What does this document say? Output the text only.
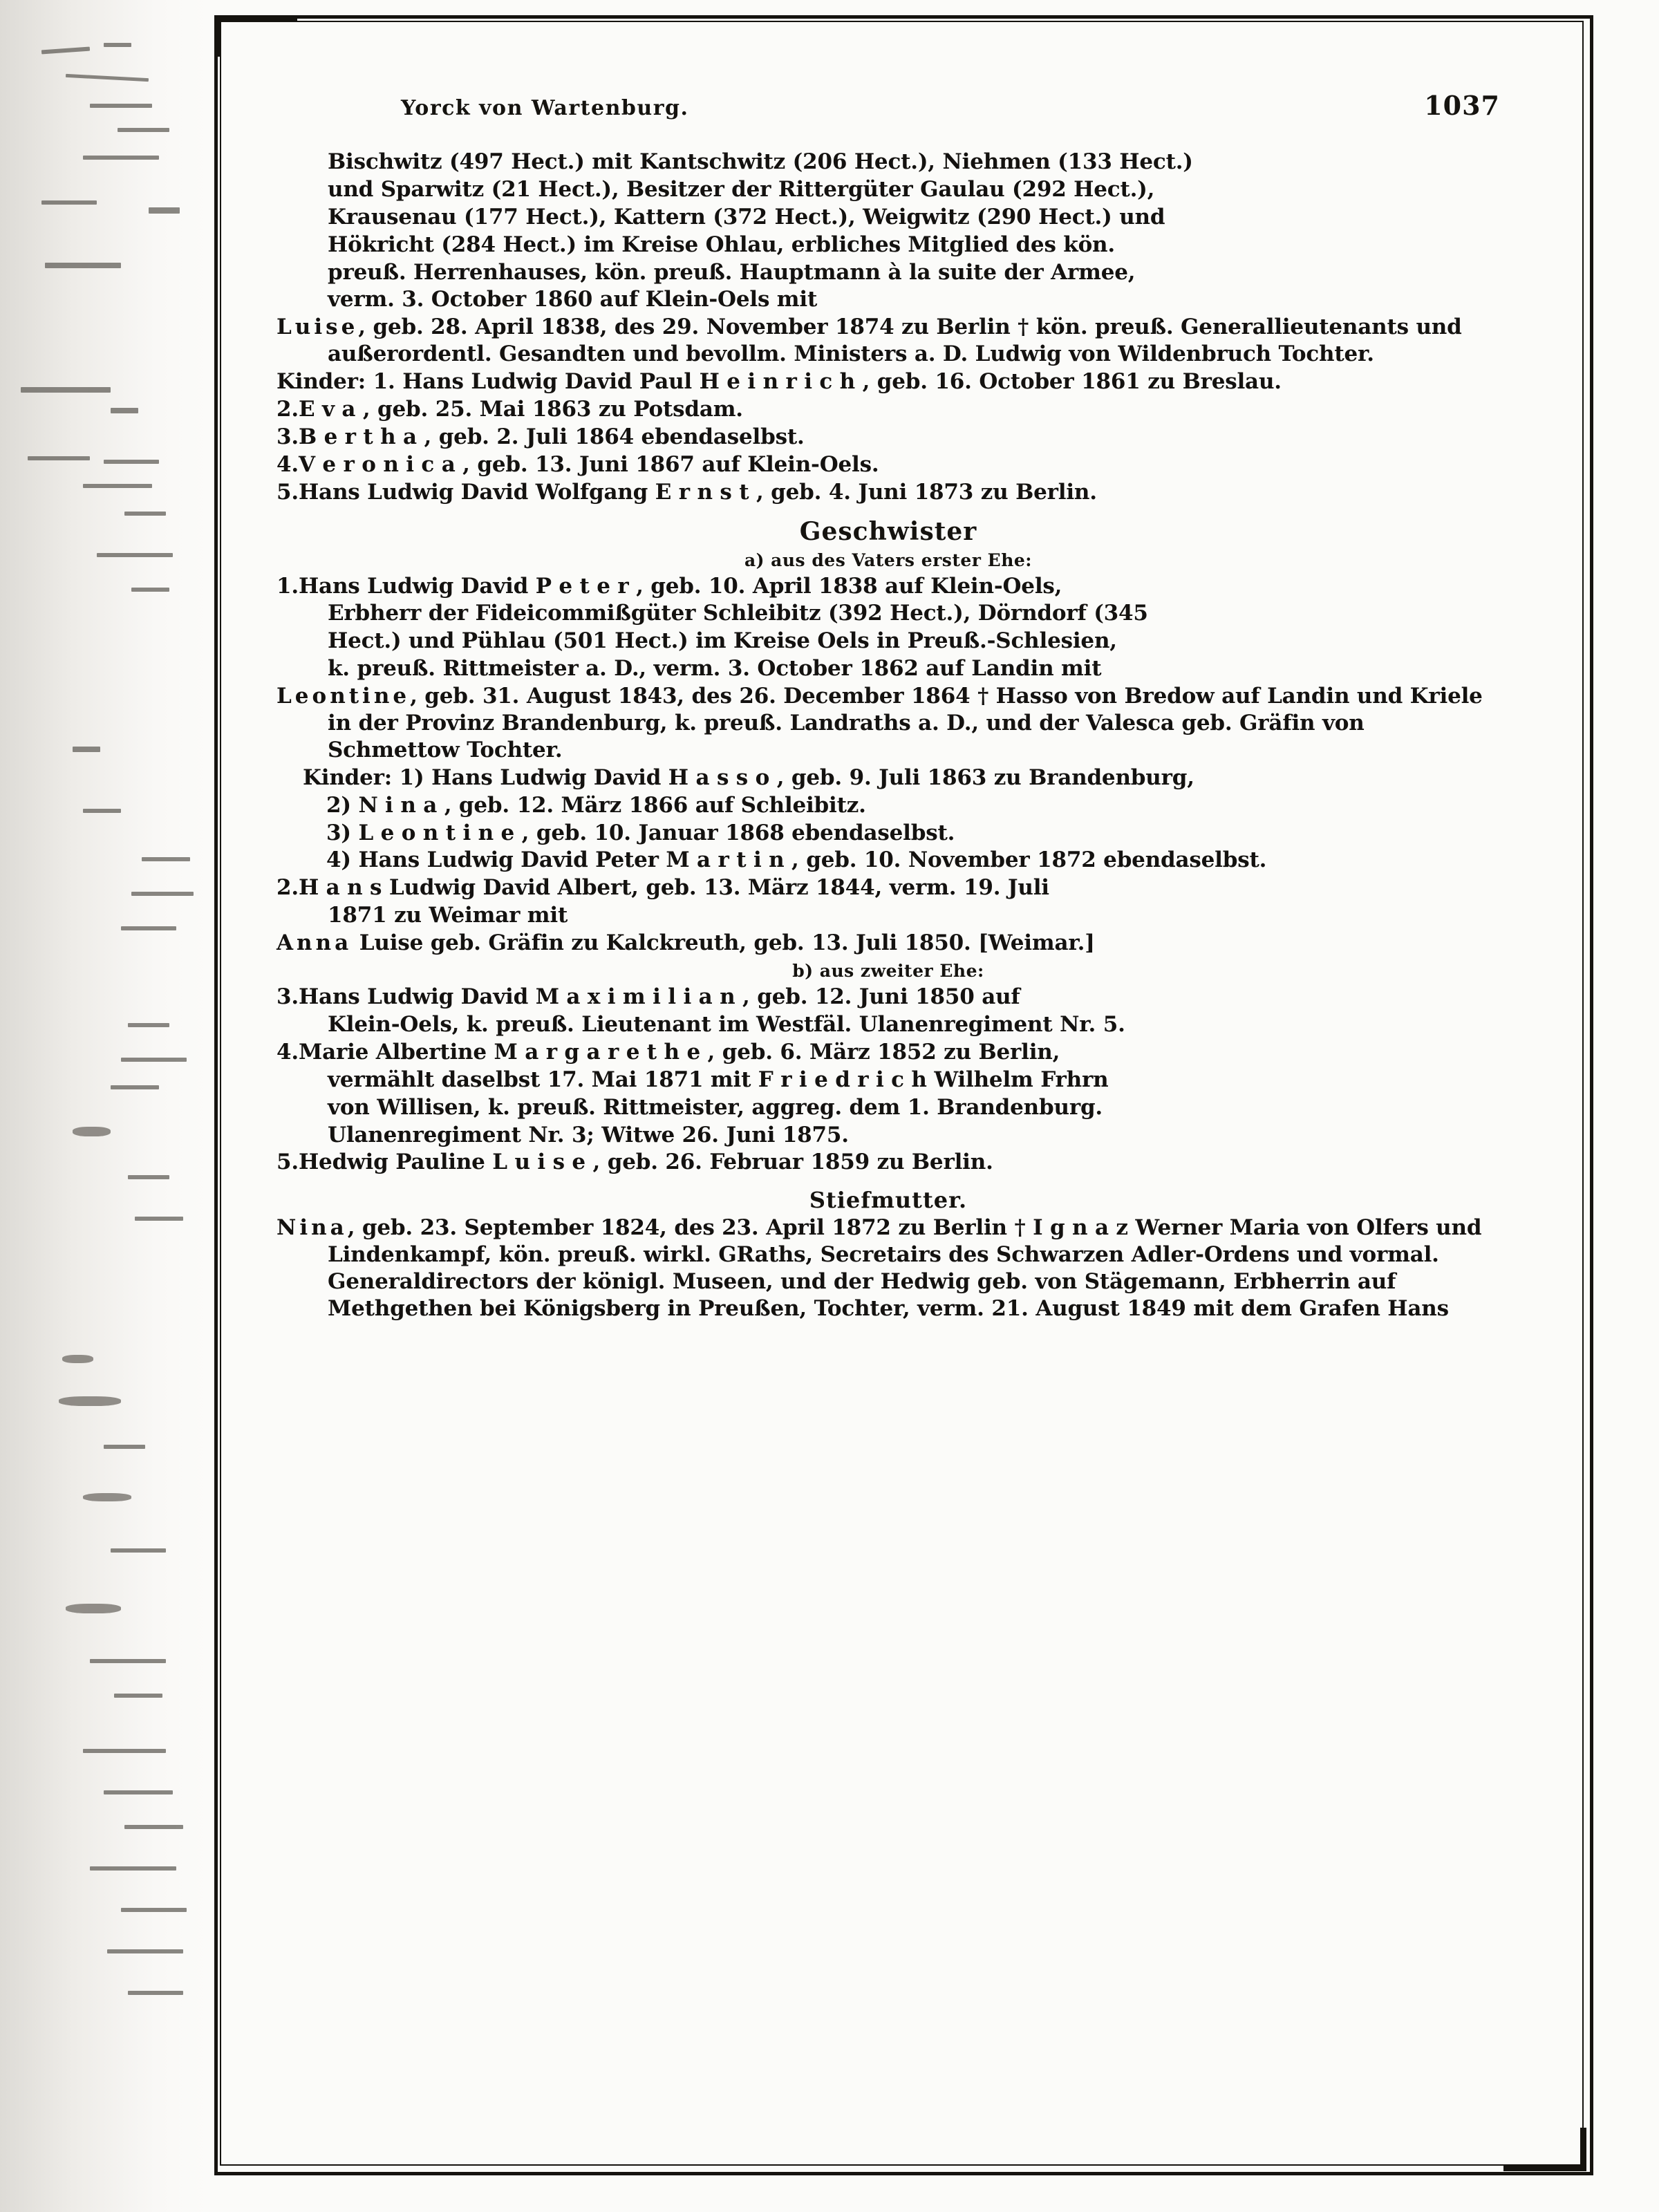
Yorck von Wartenburg.	1037

Bischwitz (497 Hect.) mit Kantschwitz (206 Hect.), Niehmen (133 Hect.)

und Sparwitz (21 Hect.), Besitzer der Rittergüter Gaulau (292 Hect.),

Krausenau (177 Hect.), Kattern (372 Hect.), Weigwitz (290 Hect.) und

Hökricht (284 Hect.) im Kreise Ohlau, erbliches Mitglied des kön.

preuß. Herrenhauses, kön. preuß. Hauptmann à la suite der Armee,

verm. 3. October 1860 auf Klein-Oels mit

Luise, geb. 28. April 1838, des 29. November 1874 zu Berlin † kön. preuß. Generallieutenants und außerordentl. Gesandten und bevollm. Ministers a. D. Ludwig von Wildenbruch Tochter.

Kinder: 1. Hans Ludwig David Paul H e i n r i c h , geb. 16. October 1861 zu Breslau.

2.E v a , geb. 25. Mai 1863 zu Potsdam.

3.B e r t h a , geb. 2. Juli 1864 ebendaselbst.

4.V e r o n i c a , geb. 13. Juni 1867 auf Klein-Oels.

5.Hans Ludwig David Wolfgang E r n s t , geb. 4. Juni 1873 zu Berlin.

Geschwister
a) aus des Vaters erster Ehe:

1.Hans Ludwig David P e t e r , geb. 10. April 1838 auf Klein-Oels,

Erbherr der Fideicommißgüter Schleibitz (392 Hect.), Dörndorf (345

Hect.) und Pühlau (501 Hect.) im Kreise Oels in Preuß.-Schlesien,

k. preuß. Rittmeister a. D., verm. 3. October 1862 auf Landin mit

Leontine, geb. 31. August 1843, des 26. December 1864 † Hasso von Bredow auf Landin und Kriele in der Provinz Brandenburg, k. preuß. Landraths a. D., und der Valesca geb. Gräfin von Schmettow Tochter.

Kinder: 1) Hans Ludwig David H a s s o , geb. 9. Juli 1863 zu Brandenburg,

2) N i n a , geb. 12. März 1866 auf Schleibitz.

3) L e o n t i n e , geb. 10. Januar 1868 ebendaselbst.

4) Hans Ludwig David Peter M a r t i n , geb. 10. November 1872 ebendaselbst.

2.H a n s Ludwig David Albert, geb. 13. März 1844, verm. 19. Juli

1871 zu Weimar mit

Anna Luise geb. Gräfin zu Kalckreuth, geb. 13. Juli 1850. [Weimar.]

b) aus zweiter Ehe:

3.Hans Ludwig David M a x i m i l i a n , geb. 12. Juni 1850 auf

Klein-Oels, k. preuß. Lieutenant im Westfäl. Ulanenregiment Nr. 5.

4.Marie Albertine M a r g a r e t h e , geb. 6. März 1852 zu Berlin,

vermählt daselbst 17. Mai 1871 mit F r i e d r i c h Wilhelm Frhrn

von Willisen, k. preuß. Rittmeister, aggreg. dem 1. Brandenburg.

Ulanenregiment Nr. 3; Witwe 26. Juni 1875.

5.Hedwig Pauline L u i s e , geb. 26. Februar 1859 zu Berlin.

Stiefmutter.

Nina, geb. 23. September 1824, des 23. April 1872 zu Berlin † I g n a z Werner Maria von Olfers und Lindenkampf, kön. preuß. wirkl. GRaths, Secretairs des Schwarzen Adler-Ordens und vormal. Generaldirectors der königl. Museen, und der Hedwig geb. von Stägemann, Erbherrin auf Methgethen bei Königsberg in Preußen, Tochter, verm. 21. August 1849 mit dem Grafen Hans
